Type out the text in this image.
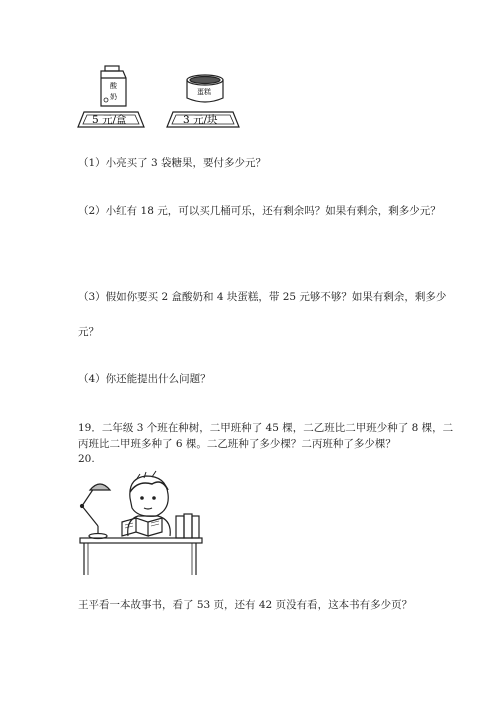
酸
奶
5 元/盒
蛋糕
3 元/块
（1）小亮买了 3 袋糖果，要付多少元？
（2）小红有 18 元，可以买几桶可乐，还有剩余吗？如果有剩余，剩多少元？
（3）假如你要买 2 盒酸奶和 4 块蛋糕，带 25 元够不够？如果有剩余，剩多少
元？
（4）你还能提出什么问题？
19．二年级 3 个班在种树，二甲班种了 45 棵，二乙班比二甲班少种了 8 棵，二
丙班比二甲班多种了 6 棵。二乙班种了多少棵？二丙班种了多少棵？
20.
王平看一本故事书，看了 53 页，还有 42 页没有看，这本书有多少页？
